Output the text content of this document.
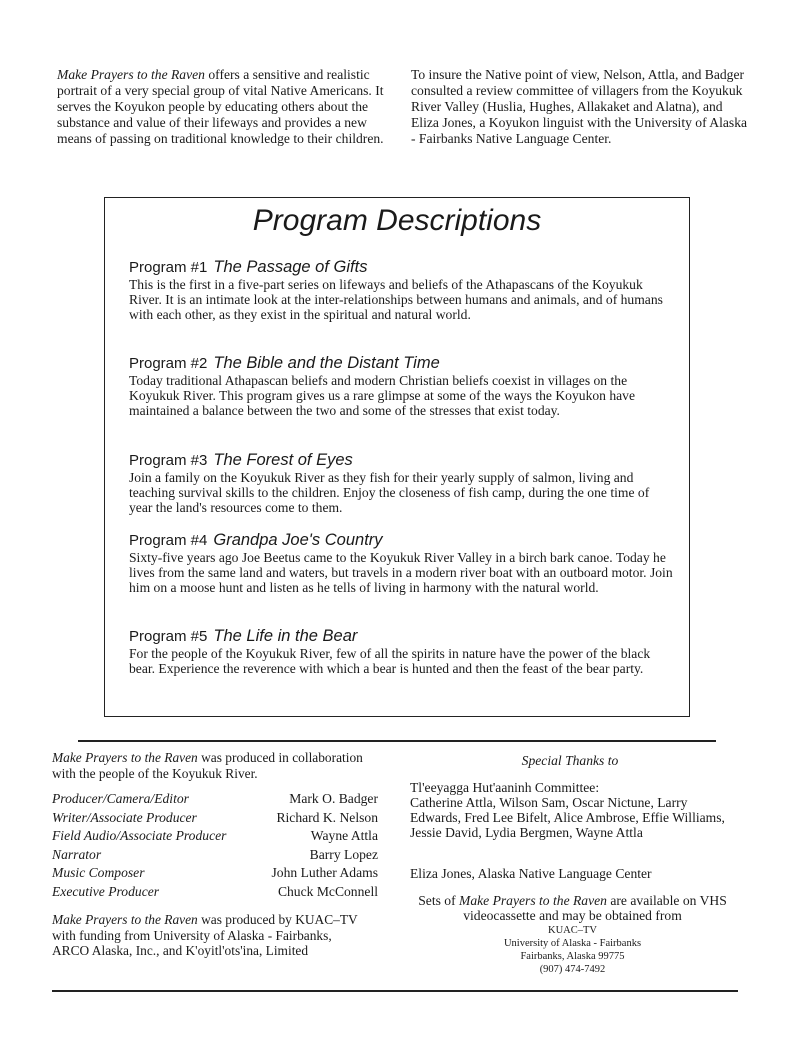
Make Prayers to the Raven offers a sensitive and realistic portrait of a very special group of vital Native Americans. It serves the Koyukon people by educating others about the substance and value of their lifeways and provides a new means of passing on traditional knowledge to their children.
To insure the Native point of view, Nelson, Attla, and Badger consulted a review committee of villagers from the Koyukuk River Valley (Huslia, Hughes, Allakaket and Alatna), and Eliza Jones, a Koyukon linguist with the University of Alaska - Fairbanks Native Language Center.
Program Descriptions
Program #1 The Passage of Gifts
This is the first in a five-part series on lifeways and beliefs of the Athapascans of the Koyukuk River. It is an intimate look at the inter-relationships between humans and animals, and of humans with each other, as they exist in the spiritual and natural world.
Program #2 The Bible and the Distant Time
Today traditional Athapascan beliefs and modern Christian beliefs coexist in villages on the Koyukuk River. This program gives us a rare glimpse at some of the ways the Koyukon have maintained a balance between the two and some of the stresses that exist today.
Program #3 The Forest of Eyes
Join a family on the Koyukuk River as they fish for their yearly supply of salmon, living and teaching survival skills to the children. Enjoy the closeness of fish camp, during the one time of year the land's resources come to them.
Program #4 Grandpa Joe's Country
Sixty-five years ago Joe Beetus came to the Koyukuk River Valley in a birch bark canoe. Today he lives from the same land and waters, but travels in a modern river boat with an outboard motor. Join him on a moose hunt and listen as he tells of living in harmony with the natural world.
Program #5 The Life in the Bear
For the people of the Koyukuk River, few of all the spirits in nature have the power of the black bear. Experience the reverence with which a bear is hunted and then the feast of the bear party.
Make Prayers to the Raven was produced in collaboration with the people of the Koyukuk River.
Producer/Camera/Editor	Mark O. Badger
Writer/Associate Producer	Richard K. Nelson
Field Audio/Associate Producer	Wayne Attla
Narrator	Barry Lopez
Music Composer	John Luther Adams
Executive Producer	Chuck McConnell
Make Prayers to the Raven was produced by KUAC–TV with funding from University of Alaska - Fairbanks, ARCO Alaska, Inc., and K'oyitl'ots'ina, Limited
Special Thanks to
Tl'eeyagga Hut'aaninh Committee:
Catherine Attla, Wilson Sam, Oscar Nictune, Larry Edwards, Fred Lee Bifelt, Alice Ambrose, Effie Williams, Jessie David, Lydia Bergmen, Wayne Attla
Eliza Jones, Alaska Native Language Center
Sets of Make Prayers to the Raven are available on VHS videocassette and may be obtained from
KUAC–TV
University of Alaska - Fairbanks
Fairbanks, Alaska 99775
(907) 474-7492
